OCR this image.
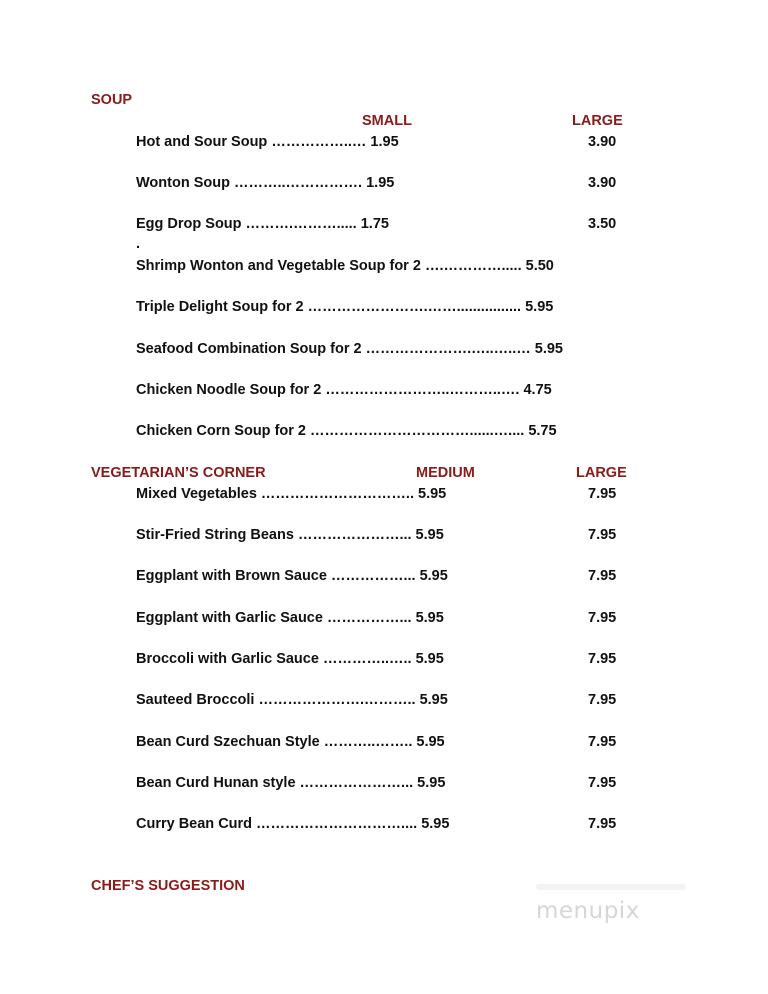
SOUP
SMALL	LARGE
Hot and Sour Soup ……………..… 1.95	3.90
Wonton Soup ………..……………. 1.95	3.90
Egg Drop Soup ……….………..... 1.75	3.50
.
Shrimp Wonton and Vegetable Soup for 2 ….…………..... 5.50
Triple Delight Soup for 2 …………………….……................ 5.95
Seafood Combination Soup for 2 ………………….…..…..… 5.95
Chicken Noodle Soup for 2 ……………………..………..…. 4.75
Chicken Corn Soup for 2 ……………………………......….... 5.75
VEGETARIAN’S CORNER	MEDIUM	LARGE
Mixed Vegetables ………………………….. 5.95	7.95
Stir-Fried String Beans …………………... 5.95	7.95
Eggplant with Brown Sauce ……………... 5.95	7.95
Eggplant with Garlic Sauce ……………... 5.95	7.95
Broccoli with Garlic Sauce …………..….. 5.95	7.95
Sauteed Broccoli ………………….……….. 5.95	7.95
Bean Curd Szechuan Style ………..…….. 5.95	7.95
Bean Curd Hunan style …………………... 5.95	7.95
Curry Bean Curd ………………………….... 5.95	7.95
CHEF’S SUGGESTION
menupix
